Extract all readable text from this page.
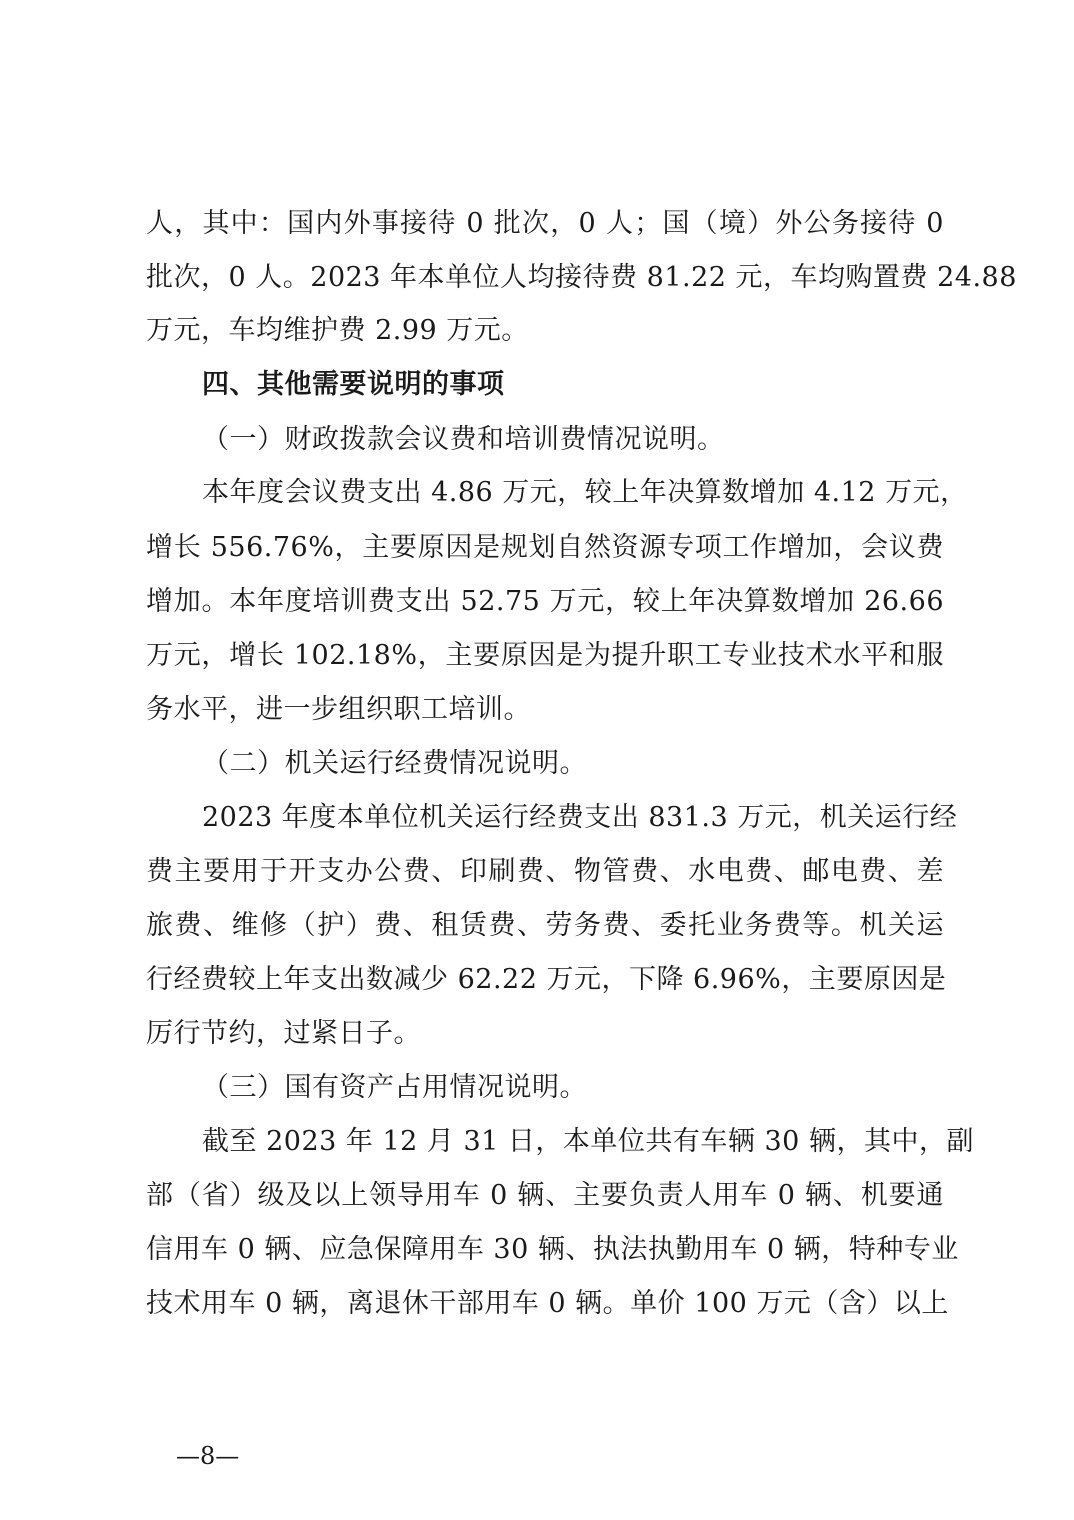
人，其中：国内外事接待 0 批次，0 人；国（境）外公务接待 0
批次，0 人。2023 年本单位人均接待费 81.22 元，车均购置费 24.88
万元，车均维护费 2.99 万元。
四、其他需要说明的事项
（一）财政拨款会议费和培训费情况说明。
本年度会议费支出 4.86 万元，较上年决算数增加 4.12 万元，
增长 556.76%，主要原因是规划自然资源专项工作增加，会议费
增加。本年度培训费支出 52.75 万元，较上年决算数增加 26.66
万元，增长 102.18%，主要原因是为提升职工专业技术水平和服
务水平，进一步组织职工培训。
（二）机关运行经费情况说明。
2023 年度本单位机关运行经费支出 831.3 万元，机关运行经
费主要用于开支办公费、印刷费、物管费、水电费、邮电费、差
旅费、维修（护）费、租赁费、劳务费、委托业务费等。机关运
行经费较上年支出数减少 62.22 万元，下降 6.96%，主要原因是
厉行节约，过紧日子。
（三）国有资产占用情况说明。
截至 2023 年 12 月 31 日，本单位共有车辆 30 辆，其中，副
部（省）级及以上领导用车 0 辆、主要负责人用车 0 辆、机要通
信用车 0 辆、应急保障用车 30 辆、执法执勤用车 0 辆，特种专业
技术用车 0 辆，离退休干部用车 0 辆。单价 100 万元（含）以上
—8—
